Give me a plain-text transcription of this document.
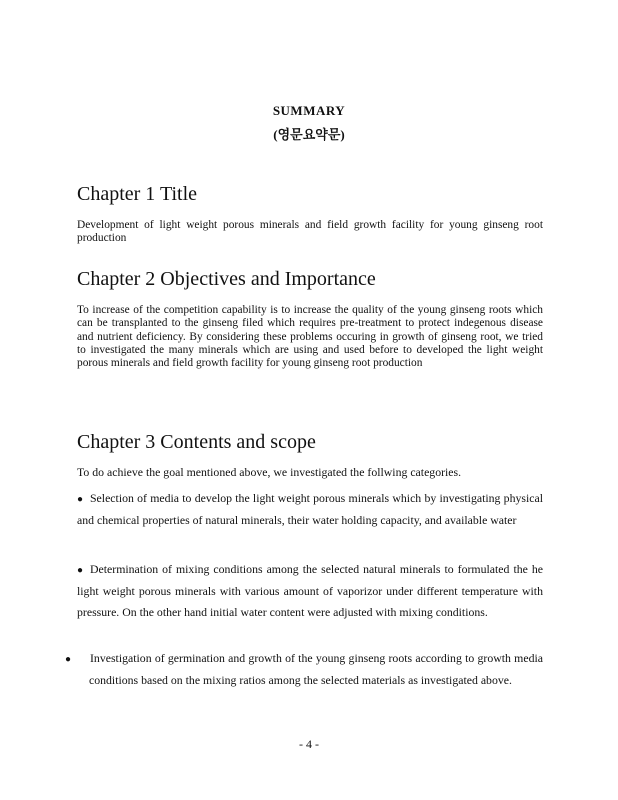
SUMMARY
(영문요약문)
Chapter 1 Title

Development of light weight porous minerals and field growth facility for young ginseng root production

Chapter 2 Objectives and Importance

To increase of the competition capability is to increase the quality of the young ginseng roots which can be transplanted to the ginseng filed which requires pre-treatment to protect indegenous disease and nutrient deficiency. By considering these problems occuring in growth of ginseng root, we tried to investigated the many minerals which are using and used before to developed the light weight porous minerals and field growth facility for young ginseng root production

Chapter 3 Contents and scope

To do achieve the goal mentioned above, we investigated the follwing categories.

● Selection of media to develop the light weight porous minerals which by investigating physical and chemical properties of natural minerals, their water holding capacity, and available water

● Determination of mixing conditions among the selected natural minerals to formulated the he light weight porous minerals with various amount of vaporizor under different temperature with pressure. On the other hand initial water content were adjusted with mixing conditions.

● Investigation of germination and growth of the young ginseng roots according to growth media conditions based on the mixing ratios among the selected materials as investigated above.

- 4 -
